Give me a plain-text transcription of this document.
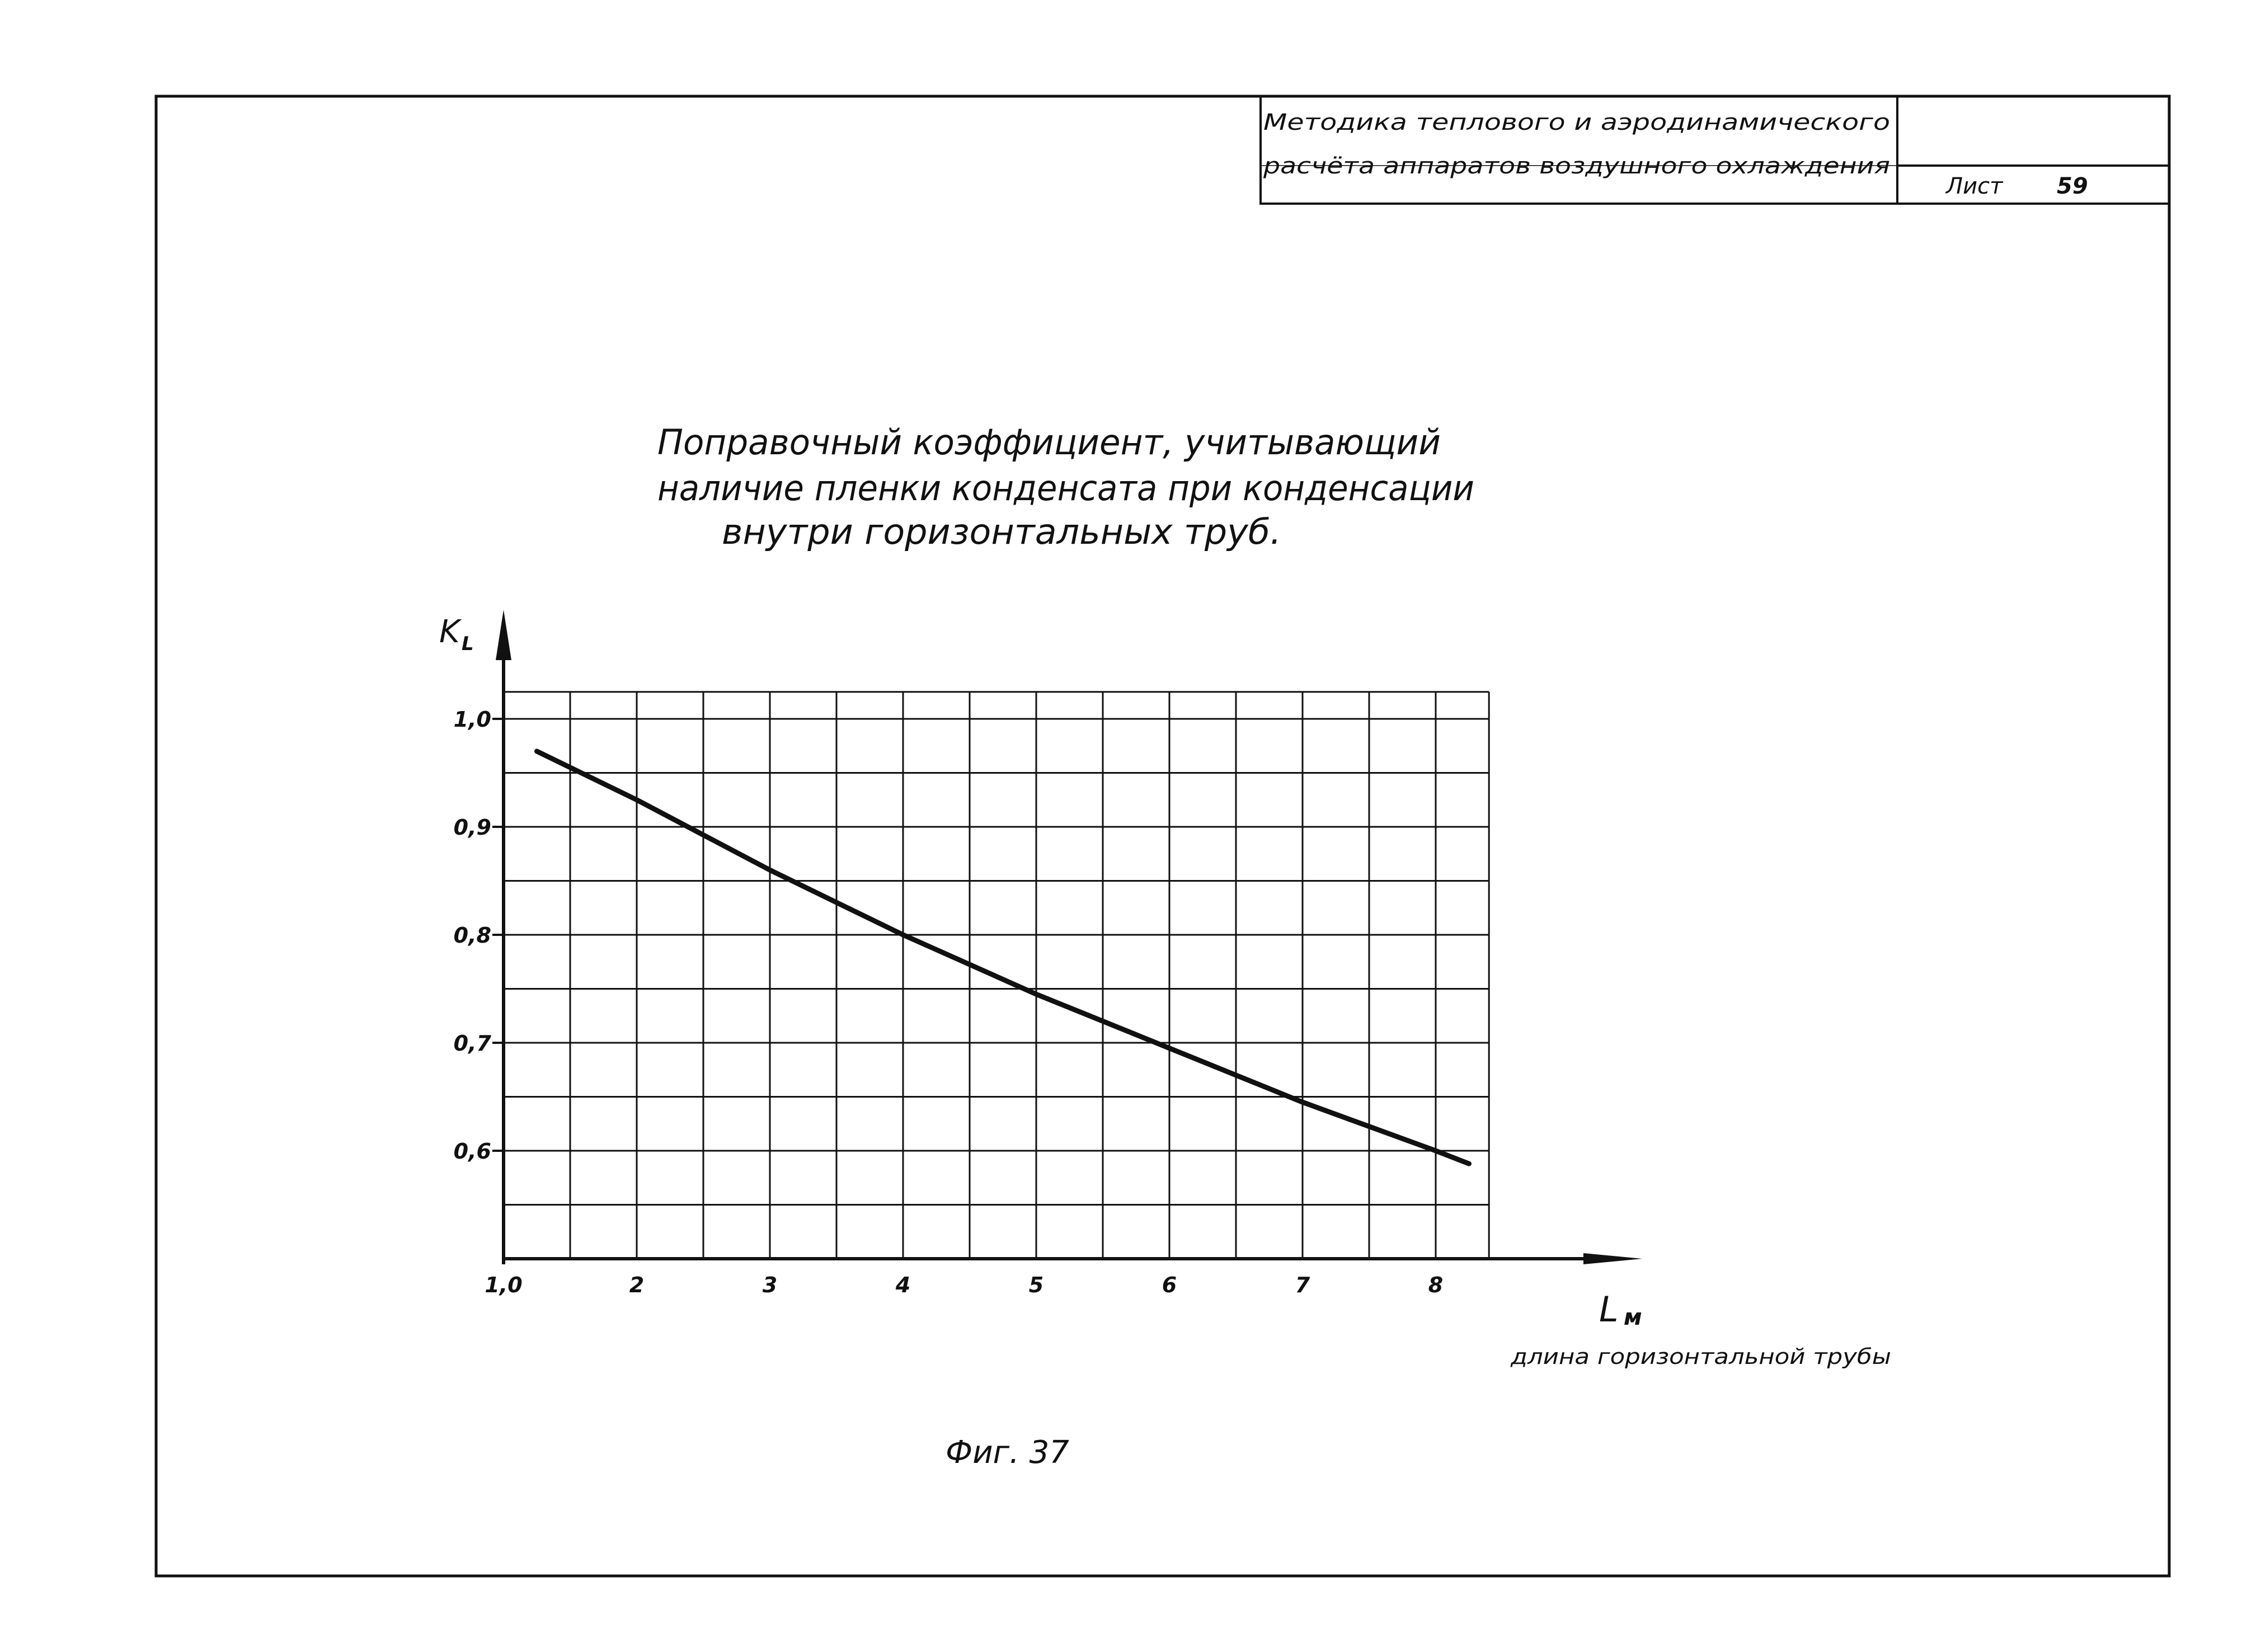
Методика теплового и аэродинамического
расчёта аппаратов воздушного охлаждения
Лист 59
Поправочный коэффициент, учитывающий
наличие пленки конденсата при конденсации
внутри горизонтальных труб.
1,0	2	3	4	5	6	7	8
0,6
0,7
0,8
0,9
1,0
K L
L м
длина горизонтальной трубы
Фиг. 37
